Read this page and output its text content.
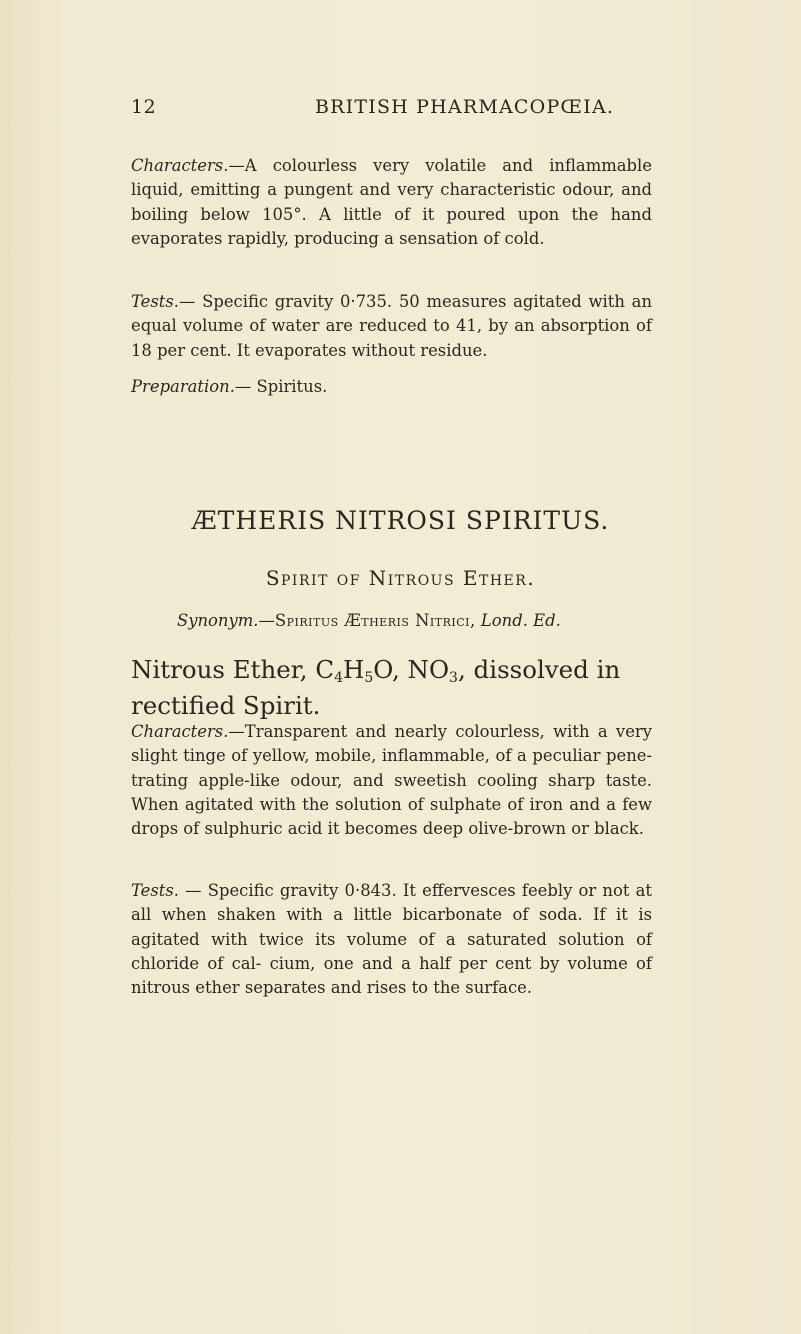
12	BRITISH PHARMACOPŒIA.

Characters.—A colourless very volatile and inflammable liquid, emitting a pungent and very characteristic odour, and boiling below 105°. A little of it poured upon the hand evaporates rapidly, producing a sensation of cold.

Tests.— Specific gravity 0·735. 50 measures agitated with an equal volume of water are reduced to 41, by an absorption of 18 per cent. It evaporates without residue.

Preparation.— Spiritus.

ÆTHERIS NITROSI SPIRITUS.
Spirit of Nitrous Ether.
Synonym.—Spiritus Ætheris Nitrici, Lond. Ed.

Nitrous Ether, $C_4H_5O$, $NO_3$, dissolved in rectified Spirit.

Characters.—Transparent and nearly colourless, with a very slight tinge of yellow, mobile, inflammable, of a peculiar pene- trating apple-like odour, and sweetish cooling sharp taste. When agitated with the solution of sulphate of iron and a few drops of sulphuric acid it becomes deep olive-brown or black.

Tests. — Specific gravity 0·843. It effervesces feebly or not at all when shaken with a little bicarbonate of soda. If it is agitated with twice its volume of a saturated solution of chloride of cal- cium, one and a half per cent by volume of nitrous ether separates and rises to the surface.
